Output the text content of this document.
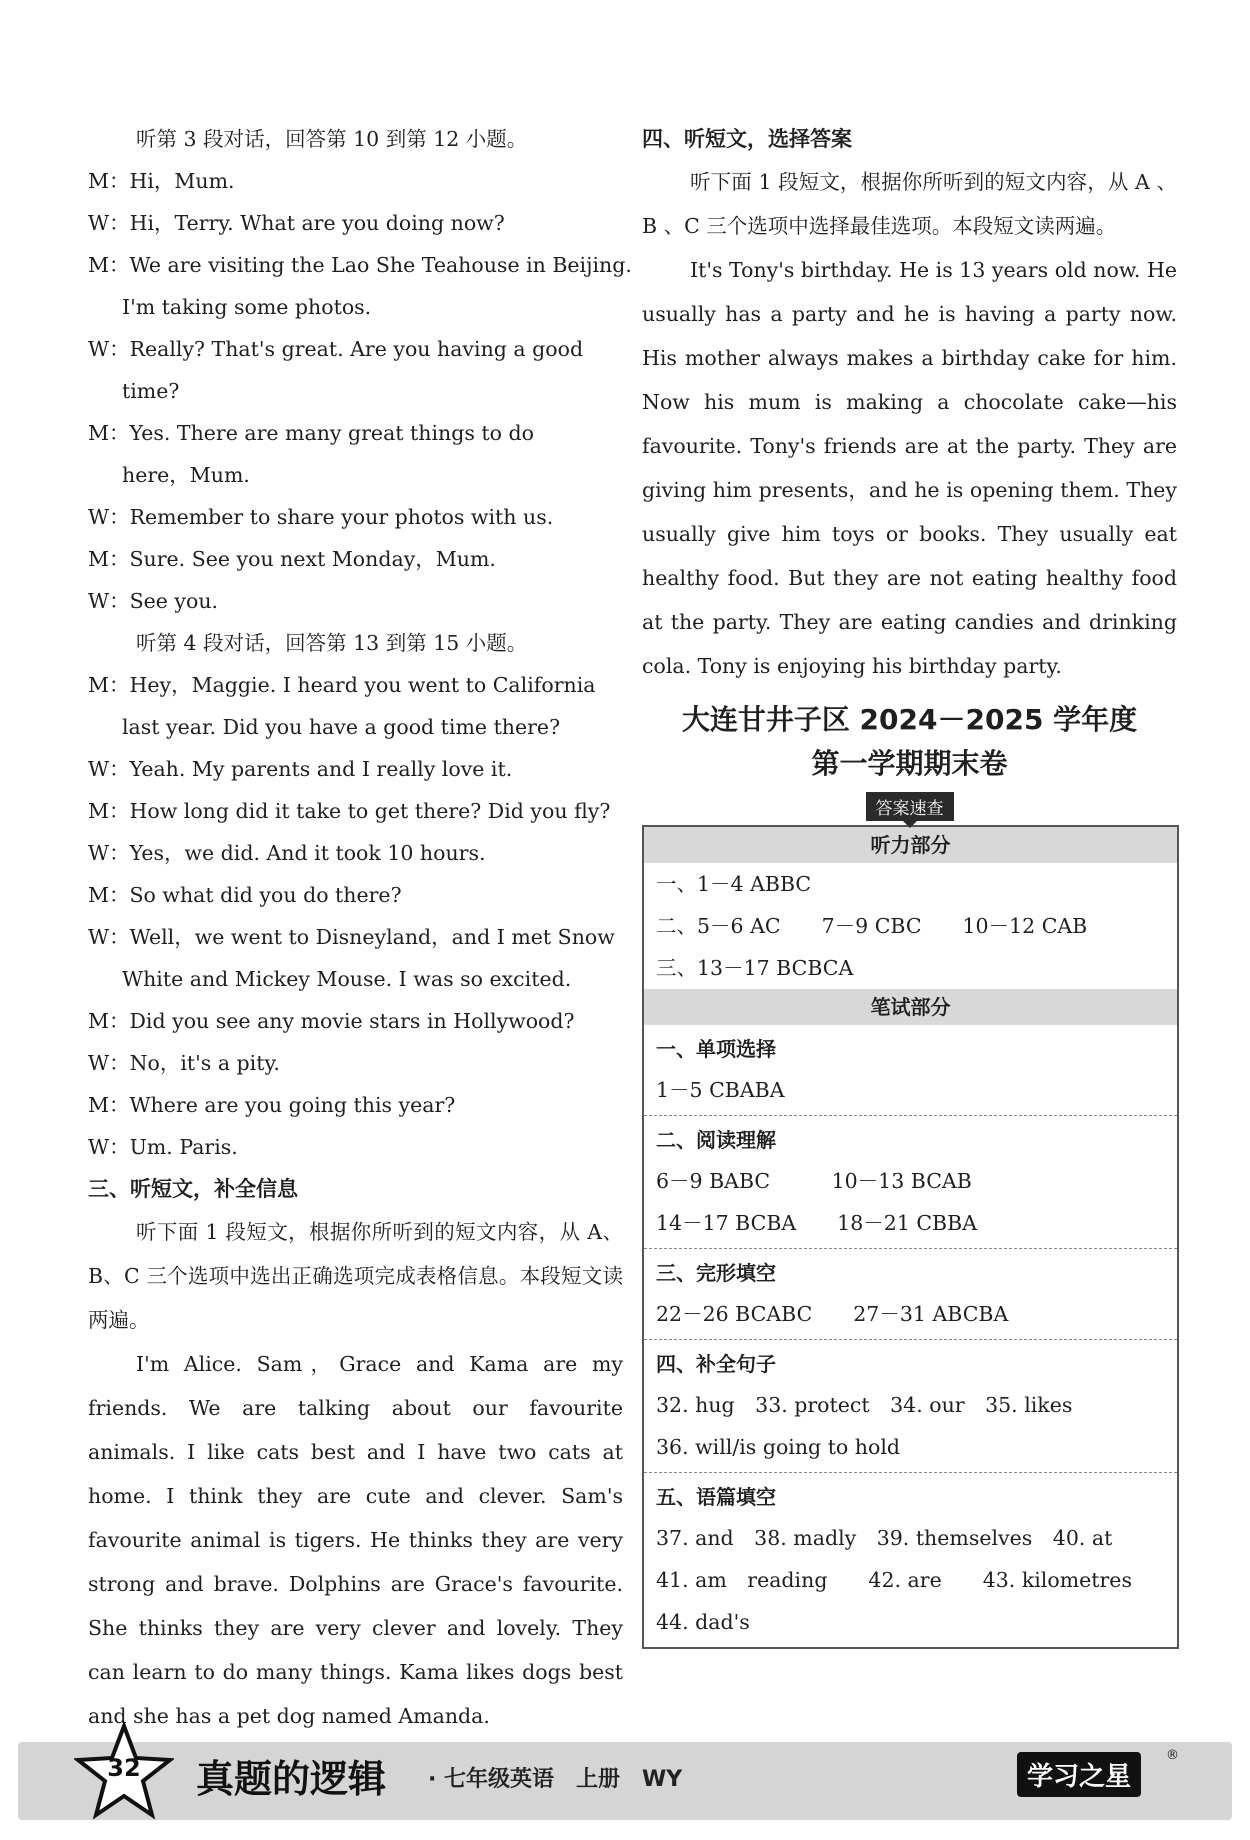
听第 3 段对话，回答第 10 到第 12 小题。
M：Hi，Mum.
W：Hi，Terry. What are you doing now?
M：We are visiting the Lao She Teahouse in Beijing.
I'm taking some photos.
W：Really? That's great. Are you having a good
time?
M：Yes. There are many great things to do
here，Mum.
W：Remember to share your photos with us.
M：Sure. See you next Monday，Mum.
W：See you.
听第 4 段对话，回答第 13 到第 15 小题。
M：Hey，Maggie. I heard you went to California
last year. Did you have a good time there?
W：Yeah. My parents and I really love it.
M：How long did it take to get there? Did you fly?
W：Yes，we did. And it took 10 hours.
M：So what did you do there?
W：Well，we went to Disneyland，and I met Snow
White and Mickey Mouse. I was so excited.
M：Did you see any movie stars in Hollywood?
W：No，it's a pity.
M：Where are you going this year?
W：Um. Paris.
三、听短文，补全信息

听下面 1 段短文，根据你所听到的短文内容，从 A、B、C 三个选项中选出正确选项完成表格信息。本段短文读两遍。

I'm Alice. Sam，Grace and Kama are my friends. We are talking about our favourite animals. I like cats best and I have two cats at home. I think they are cute and clever. Sam's favourite animal is tigers. He thinks they are very strong and brave. Dolphins are Grace's favourite. She thinks they are very clever and lovely. They can learn to do many things. Kama likes dogs best and she has a pet dog named Amanda.

四、听短文，选择答案

听下面 1 段短文，根据你所听到的短文内容，从 A 、B 、C 三个选项中选择最佳选项。本段短文读两遍。

It's Tony's birthday. He is 13 years old now. He usually has a party and he is having a party now. His mother always makes a birthday cake for him. Now his mum is making a chocolate cake—his favourite. Tony's friends are at the party. They are giving him presents，and he is opening them. They usually give him toys or books. They usually eat healthy food. But they are not eating healthy food at the party. They are eating candies and drinking cola. Tony is enjoying his birthday party.

大连甘井子区 2024－2025 学年度
第一学期期末卷
答案速查
听力部分
一、1－4 ABBC
二、5－6 AC　　7－9 CBC　　10－12 CAB
三、13－17 BCBCA
笔试部分
一、单项选择
1－5 CBABA
二、阅读理解
6－9 BABC　　　10－13 BCAB
14－17 BCBA　　18－21 CBBA
三、完形填空
22－26 BCABC　　27－31 ABCBA
四、补全句子
32. hug　33. protect　34. our　35. likes
36. will/is going to hold
五、语篇填空
37. and　38. madly　39. themselves　40. at
41. am　reading　　42. are　　43. kilometres
44. dad's
32	真题的逻辑 · 七年级英语　上册　WY	学习之星
®
